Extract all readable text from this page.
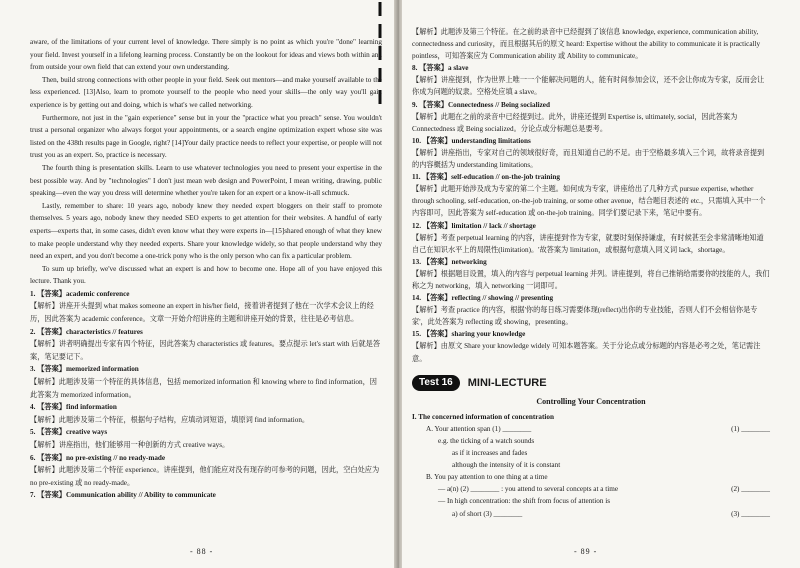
aware, of the limitations of your current level of knowledge. There simply is no point as which you're "done" learning your field. Invest yourself in a lifelong learning process. Constantly be on the lookout for ideas and views both within and from outside your own field that can extend your own understanding.

Then, build strong connections with other people in your field. Seek out mentors—and make yourself available to the less experienced. [13]Also, learn to promote yourself to the people who need your skills—the only way you'll gain experience is by getting out and doing, which is what's we called networking.

Furthermore, not just in the "gain experience" sense but in your the "practice what you preach" sense. You wouldn't trust a personal organizer who always forgot your appointments, or a search engine optimization expert whose site was listed on the 438th results page in Google, right? [14]Your daily practice needs to reflect your expertise, or people will not trust you as an expert. So, practice is necessary.

The fourth thing is presentation skills. Learn to use whatever technologies you need to present your expertise in the best possible way. And by "technologies" I don't just mean web design and PowerPoint, I mean writing, drawing, public speaking—even the way you dress will determine whether you're taken for an expert or a know-it-all schmuck.

Lastly, remember to share: 10 years ago, nobody knew they needed expert bloggers on their staff to promote themselves. 5 years ago, nobody knew they needed SEO experts to get attention for their websites. A handful of early experts—experts that, in some cases, didn't even know what they were experts in—[15]shared enough of what they knew to make people understand why they needed experts. Share your knowledge widely, so that people understand why they need an expert, and you don't become a one-trick pony who is the only person who can fix a particular problem.

To sum up briefly, we've discussed what an expert is and how to become one. Hope all of you have enjoyed this lecture. Thank you.

1. 【答案】academic conference
【解析】讲座开头提到 what makes someone an expert in his/her field，接着讲者提到了他在一次学术会议上的经历，因此答案为 academic conference。文章一开始介绍讲座的主题和讲座开始的背景，往往是必考信息。
2. 【答案】characteristics // features
【解析】讲者明确提出专家有四个特征，因此答案为 characteristics 或 features。要点提示 let's start with 后就是答案，笔记要记下。
3. 【答案】memorized information
【解析】此题涉及第一个特征的具体信息，包括 memorized information 和 knowing where to find information，因此答案为 memorized information。
4. 【答案】find information
【解析】此题涉及第二个特征，根据句子结构，应填动词短语，填原词 find information。
5. 【答案】creative ways
【解析】讲座指出，他们能够用一种创新的方式 creative ways。
6. 【答案】no pre-existing // no ready-made
【解析】此题涉及第二个特征 experience。讲座提到，他们能应对没有现存的可参考的问题，因此，空白处应为 no pre-existing 或 no ready-made。
7. 【答案】Communication ability // Ability to communicate
- 88 -
【解析】此题涉及第三个特征。在之前的录音中已经提到了该信息 knowledge, experience, communication ability, connectedness and curiosity，而且根据其后的原文 heard: Expertise without the ability to communicate it is practically pointless，可知答案应为 Communication ability 或 Ability to communicate。
8. 【答案】a slave
【解析】讲座提到，作为世界上唯一一个能解决问题的人，能有时间参加会议，还不会让你成为专家，反而会让你成为问题的奴隶。空格处应填 a slave。
9. 【答案】Connectedness // Being socialized
【解析】此题在之前的录音中已经提到过。此外，讲座还提到 Expertise is, ultimately, social，因此答案为 Connectedness 或 Being socialized。分论点或分标题总是要考。
10. 【答案】understanding limitations
【解析】讲座指出，专家对自己的领域很好奇，而且知道自己的不足。由于空格最多填入三个词，故将录音提到的内容概括为 understanding limitations。
11. 【答案】self-education // on-the-job training
【解析】此题开始涉及成为专家的第二个主题。如何成为专家，讲座给出了几种方式 pursue expertise, whether through schooling, self-education, on-the-job training, or some other avenue，结合题目表述的 etc.，只需填入其中一个内容即可，因此答案为 self-education 或 on-the-job training。同学们要记录下来，笔记中要有。
12. 【答案】limitation // lack // shortage
【解析】考查 perpetual learning 的内容，讲座提到'作为专家，就要时刻保持谦虚，有时候甚至会非常清晰地知道自己在知识水平上的局限性(limitation)。'故答案为 limitation，或根据句意填入同义词 lack，shortage。
13. 【答案】networking
【解析】根据题目设置，填入的内容与 perpetual learning 并列。讲座提到，将自己推销给需要你的技能的人，我们称之为 networking，填入 networking 一词即可。
14. 【答案】reflecting // showing // presenting
【解析】考查 practice 的内容，根据'你的每日练习需要体现(reflect)出你的专业技能，否则人们不会相信你是专家'，此处答案为 reflecting 或 showing，presenting。
15. 【答案】sharing your knowledge
【解析】由原文 Share your knowledge widely 可知本题答案。关于分论点或分标题的内容是必考之处，笔记需注意。
Test 16	MINI-LECTURE
Controlling Your Concentration
I. The concerned information of concentration
A. Your attention span (1) ________	(1) ________
e.g. the ticking of a watch sounds
as if it increases and fades
although the intensity of it is constant
B. You pay attention to one thing at a time
— a(n) (2) ________ : you attend to several concepts at a time	(2) ________
— In high concentration: the shift from focus of attention is
a) of short (3) ________	(3) ________
- 89 -
